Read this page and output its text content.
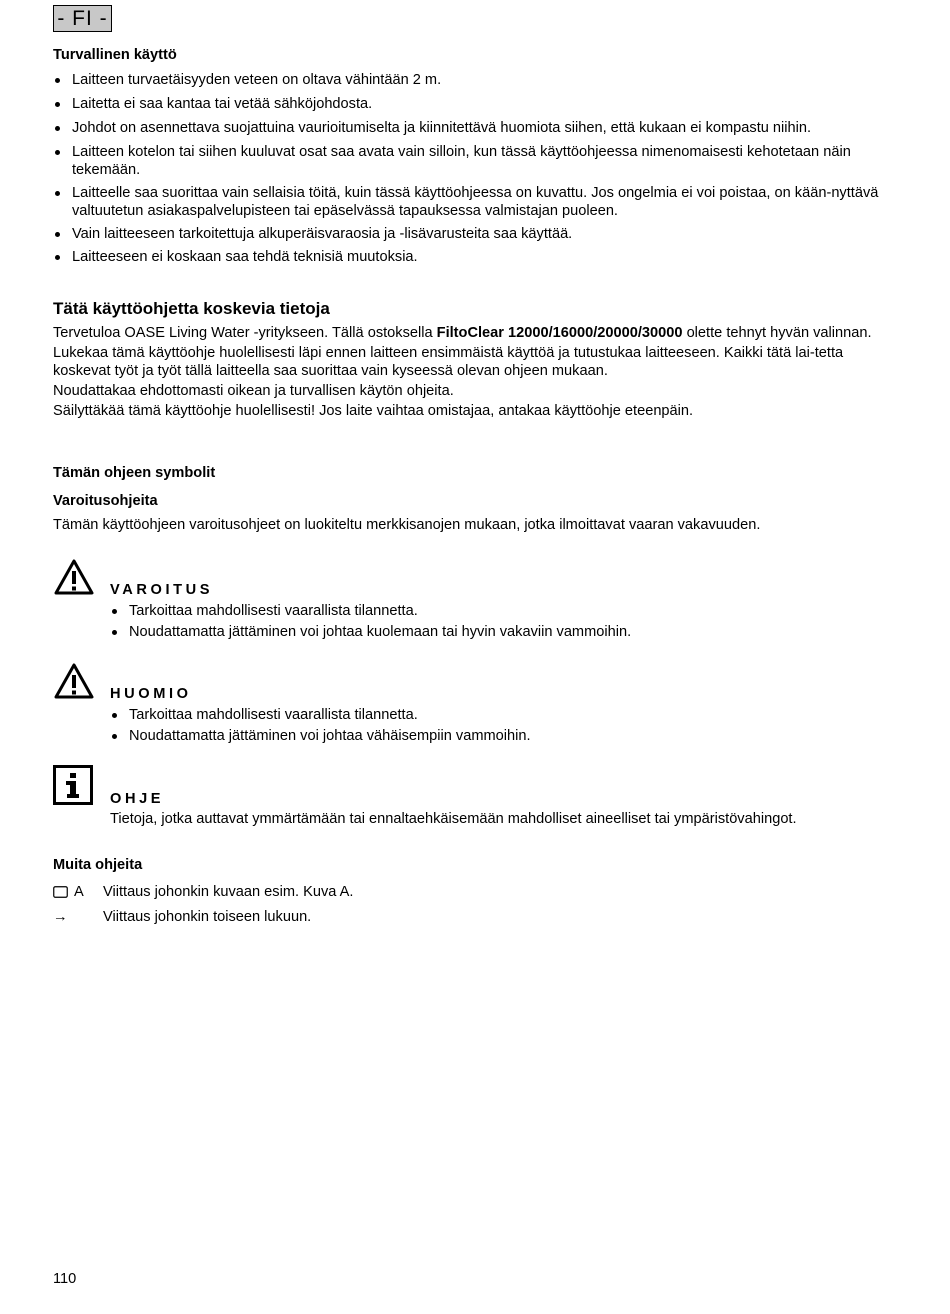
- FI -

Turvallinen käyttö

Laitteen turvaetäisyyden veteen on oltava vähintään 2 m.
Laitetta ei saa kantaa tai vetää sähköjohdosta.
Johdot on asennettava suojattuina vaurioitumiselta ja kiinnitettävä huomiota siihen, että kukaan ei kompastu niihin.
Laitteen kotelon tai siihen kuuluvat osat saa avata vain silloin, kun tässä käyttöohjeessa nimenomaisesti kehotetaan näin tekemään.
Laitteelle saa suorittaa vain sellaisia töitä, kuin tässä käyttöohjeessa on kuvattu. Jos ongelmia ei voi poistaa, on kään-nyttävä valtuutetun asiakaspalvelupisteen tai epäselvässä tapauksessa valmistajan puoleen.
Vain laitteeseen tarkoitettuja alkuperäisvaraosia ja -lisävarusteita saa käyttää.
Laitteeseen ei koskaan saa tehdä teknisiä muutoksia.

Tätä käyttöohjetta koskevia tietoja

Tervetuloa OASE Living Water -yritykseen. Tällä ostoksella FiltoClear 12000/16000/20000/30000 olette tehnyt hyvän valinnan.

Lukekaa tämä käyttöohje huolellisesti läpi ennen laitteen ensimmäistä käyttöä ja tutustukaa laitteeseen. Kaikki tätä lai-tetta koskevat työt ja työt tällä laitteella saa suorittaa vain kyseessä olevan ohjeen mukaan.

Noudattakaa ehdottomasti oikean ja turvallisen käytön ohjeita.

Säilyttäkää tämä käyttöohje huolellisesti! Jos laite vaihtaa omistajaa, antakaa käyttöohje eteenpäin.

Tämän ohjeen symbolit

Varoitusohjeita

Tämän käyttöohjeen varoitusohjeet on luokiteltu merkkisanojen mukaan, jotka ilmoittavat vaaran vakavuuden.

VAROITUS
Tarkoittaa mahdollisesti vaarallista tilannetta.
Noudattamatta jättäminen voi johtaa kuolemaan tai hyvin vakaviin vammoihin.
HUOMIO
Tarkoittaa mahdollisesti vaarallista tilannetta.
Noudattamatta jättäminen voi johtaa vähäisempiin vammoihin.
OHJE
Tietoja, jotka auttavat ymmärtämään tai ennaltaehkäisemään mahdolliset aineelliset tai ympäristövahingot.

Muita ohjeita

A Viittaus johonkin kuvaan esim. Kuva A.
→	Viittaus johonkin toiseen lukuun.
110
